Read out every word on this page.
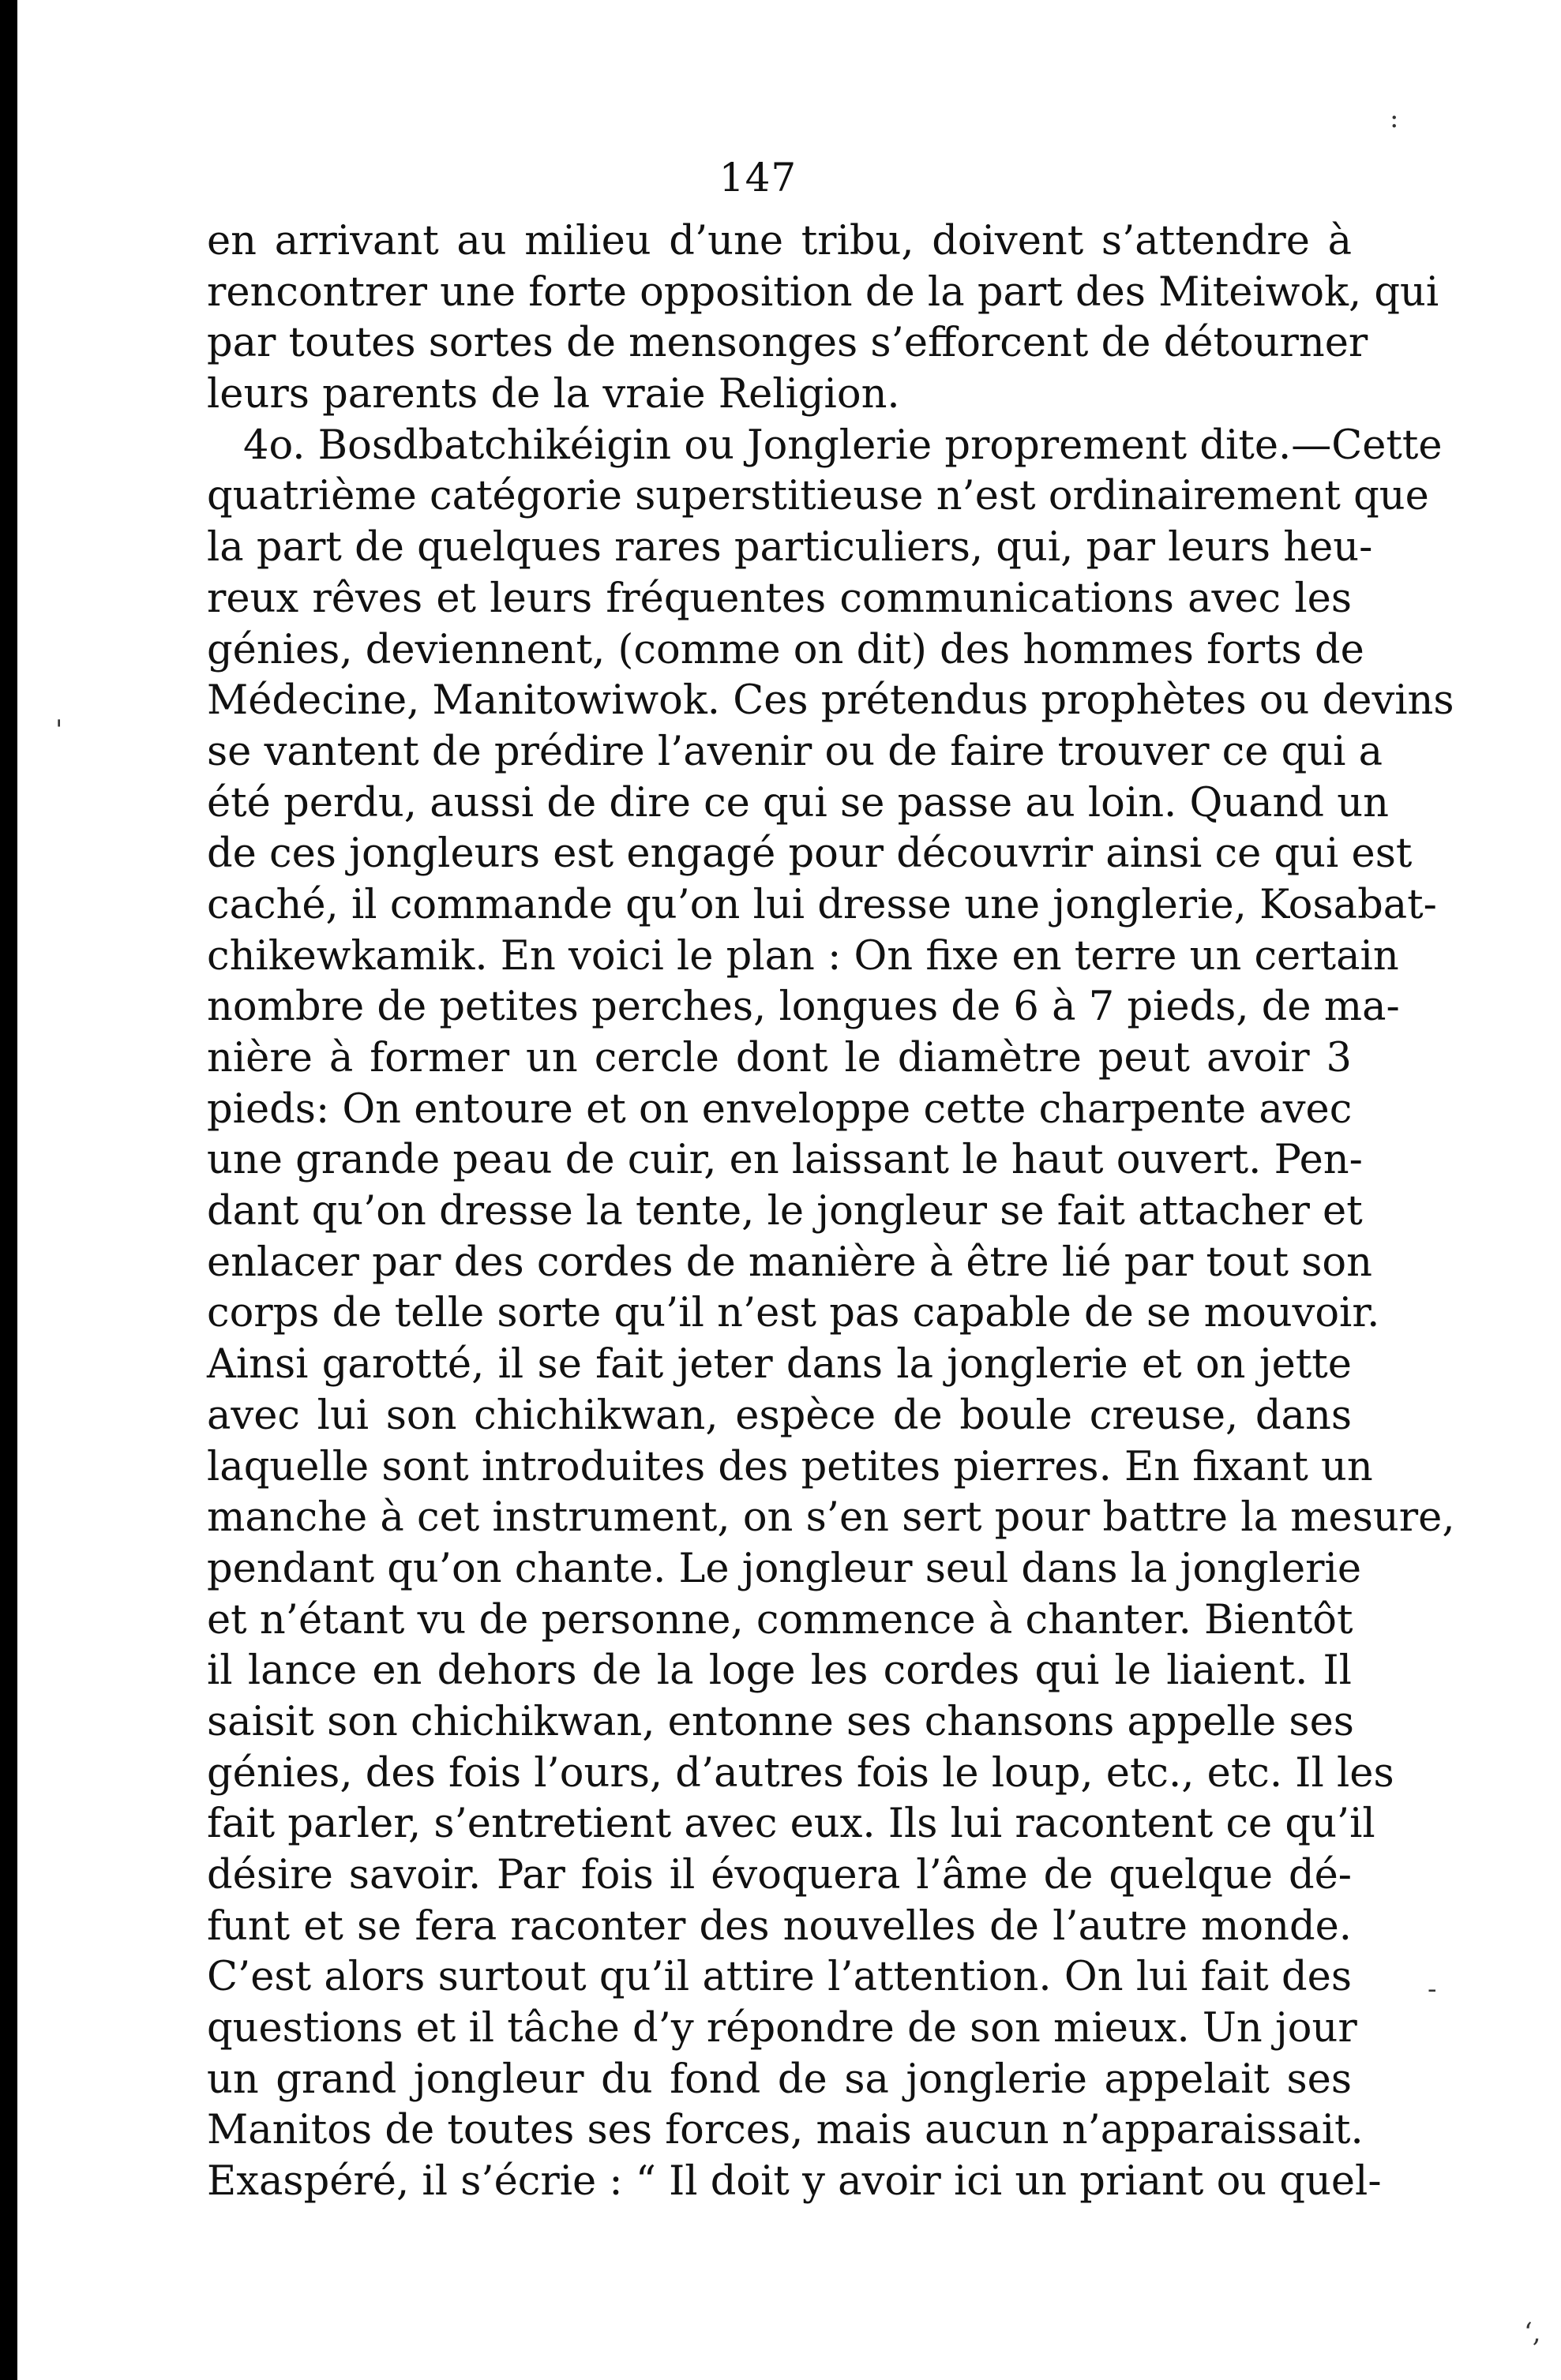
147
en arrivant au milieu d’une tribu, doivent s’attendre à
rencontrer une forte opposition de la part des Miteiwok, qui
par toutes sortes de mensonges s’efforcent de détourner
leurs parents de la vraie Religion.
4o. Bosdbatchikéigin ou Jonglerie proprement dite.—Cette
quatrième catégorie superstitieuse n’est ordinairement que
la part de quelques rares particuliers, qui, par leurs heu-
reux rêves et leurs fréquentes communications avec les
génies, deviennent, (comme on dit) des hommes forts de
Médecine, Manitowiwok. Ces prétendus prophètes ou devins
se vantent de prédire l’avenir ou de faire trouver ce qui a
été perdu, aussi de dire ce qui se passe au loin. Quand un
de ces jongleurs est engagé pour découvrir ainsi ce qui est
caché, il commande qu’on lui dresse une jonglerie, Kosabat-
chikewkamik. En voici le plan : On fixe en terre un certain
nombre de petites perches, longues de 6 à 7 pieds, de ma-
nière à former un cercle dont le diamètre peut avoir 3
pieds: On entoure et on enveloppe cette charpente avec
une grande peau de cuir, en laissant le haut ouvert. Pen-
dant qu’on dresse la tente, le jongleur se fait attacher et
enlacer par des cordes de manière à être lié par tout son
corps de telle sorte qu’il n’est pas capable de se mouvoir.
Ainsi garotté, il se fait jeter dans la jonglerie et on jette
avec lui son chichikwan, espèce de boule creuse, dans
laquelle sont introduites des petites pierres. En fixant un
manche à cet instrument, on s’en sert pour battre la mesure,
pendant qu’on chante. Le jongleur seul dans la jonglerie
et n’étant vu de personne, commence à chanter. Bientôt
il lance en dehors de la loge les cordes qui le liaient. Il
saisit son chichikwan, entonne ses chansons appelle ses
génies, des fois l’ours, d’autres fois le loup, etc., etc. Il les
fait parler, s’entretient avec eux. Ils lui racontent ce qu’il
désire savoir. Par fois il évoquera l’âme de quelque dé-
funt et se fera raconter des nouvelles de l’autre monde.
C’est alors surtout qu’il attire l’attention. On lui fait des
questions et il tâche d’y répondre de son mieux. Un jour
un grand jongleur du fond de sa jonglerie appelait ses
Manitos de toutes ses forces, mais aucun n’apparaissait.
Exaspéré, il s’écrie : “ Il doit y avoir ici un priant ou quel-
:
'
-
‘,
